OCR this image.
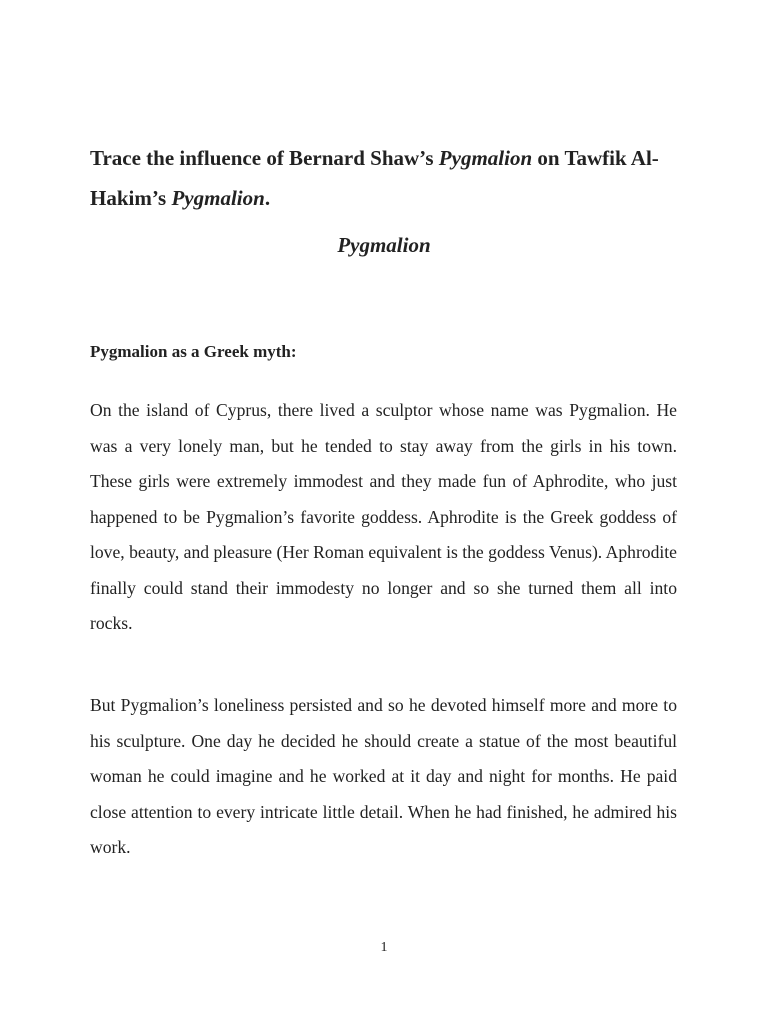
Trace the influence of Bernard Shaw’s Pygmalion on Tawfik Al-Hakim’s Pygmalion.
Pygmalion
Pygmalion as a Greek myth:

On the island of Cyprus, there lived a sculptor whose name was Pygmalion. He was a very lonely man, but he tended to stay away from the girls in his town. These girls were extremely immodest and they made fun of Aphrodite, who just happened to be Pygmalion’s favorite goddess. Aphrodite is the Greek goddess of love, beauty, and pleasure (Her Roman equivalent is the goddess Venus). Aphrodite finally could stand their immodesty no longer and so she turned them all into rocks.

But Pygmalion’s loneliness persisted and so he devoted himself more and more to his sculpture. One day he decided he should create a statue of the most beautiful woman he could imagine and he worked at it day and night for months. He paid close attention to every intricate little detail. When he had finished, he admired his work.

1
